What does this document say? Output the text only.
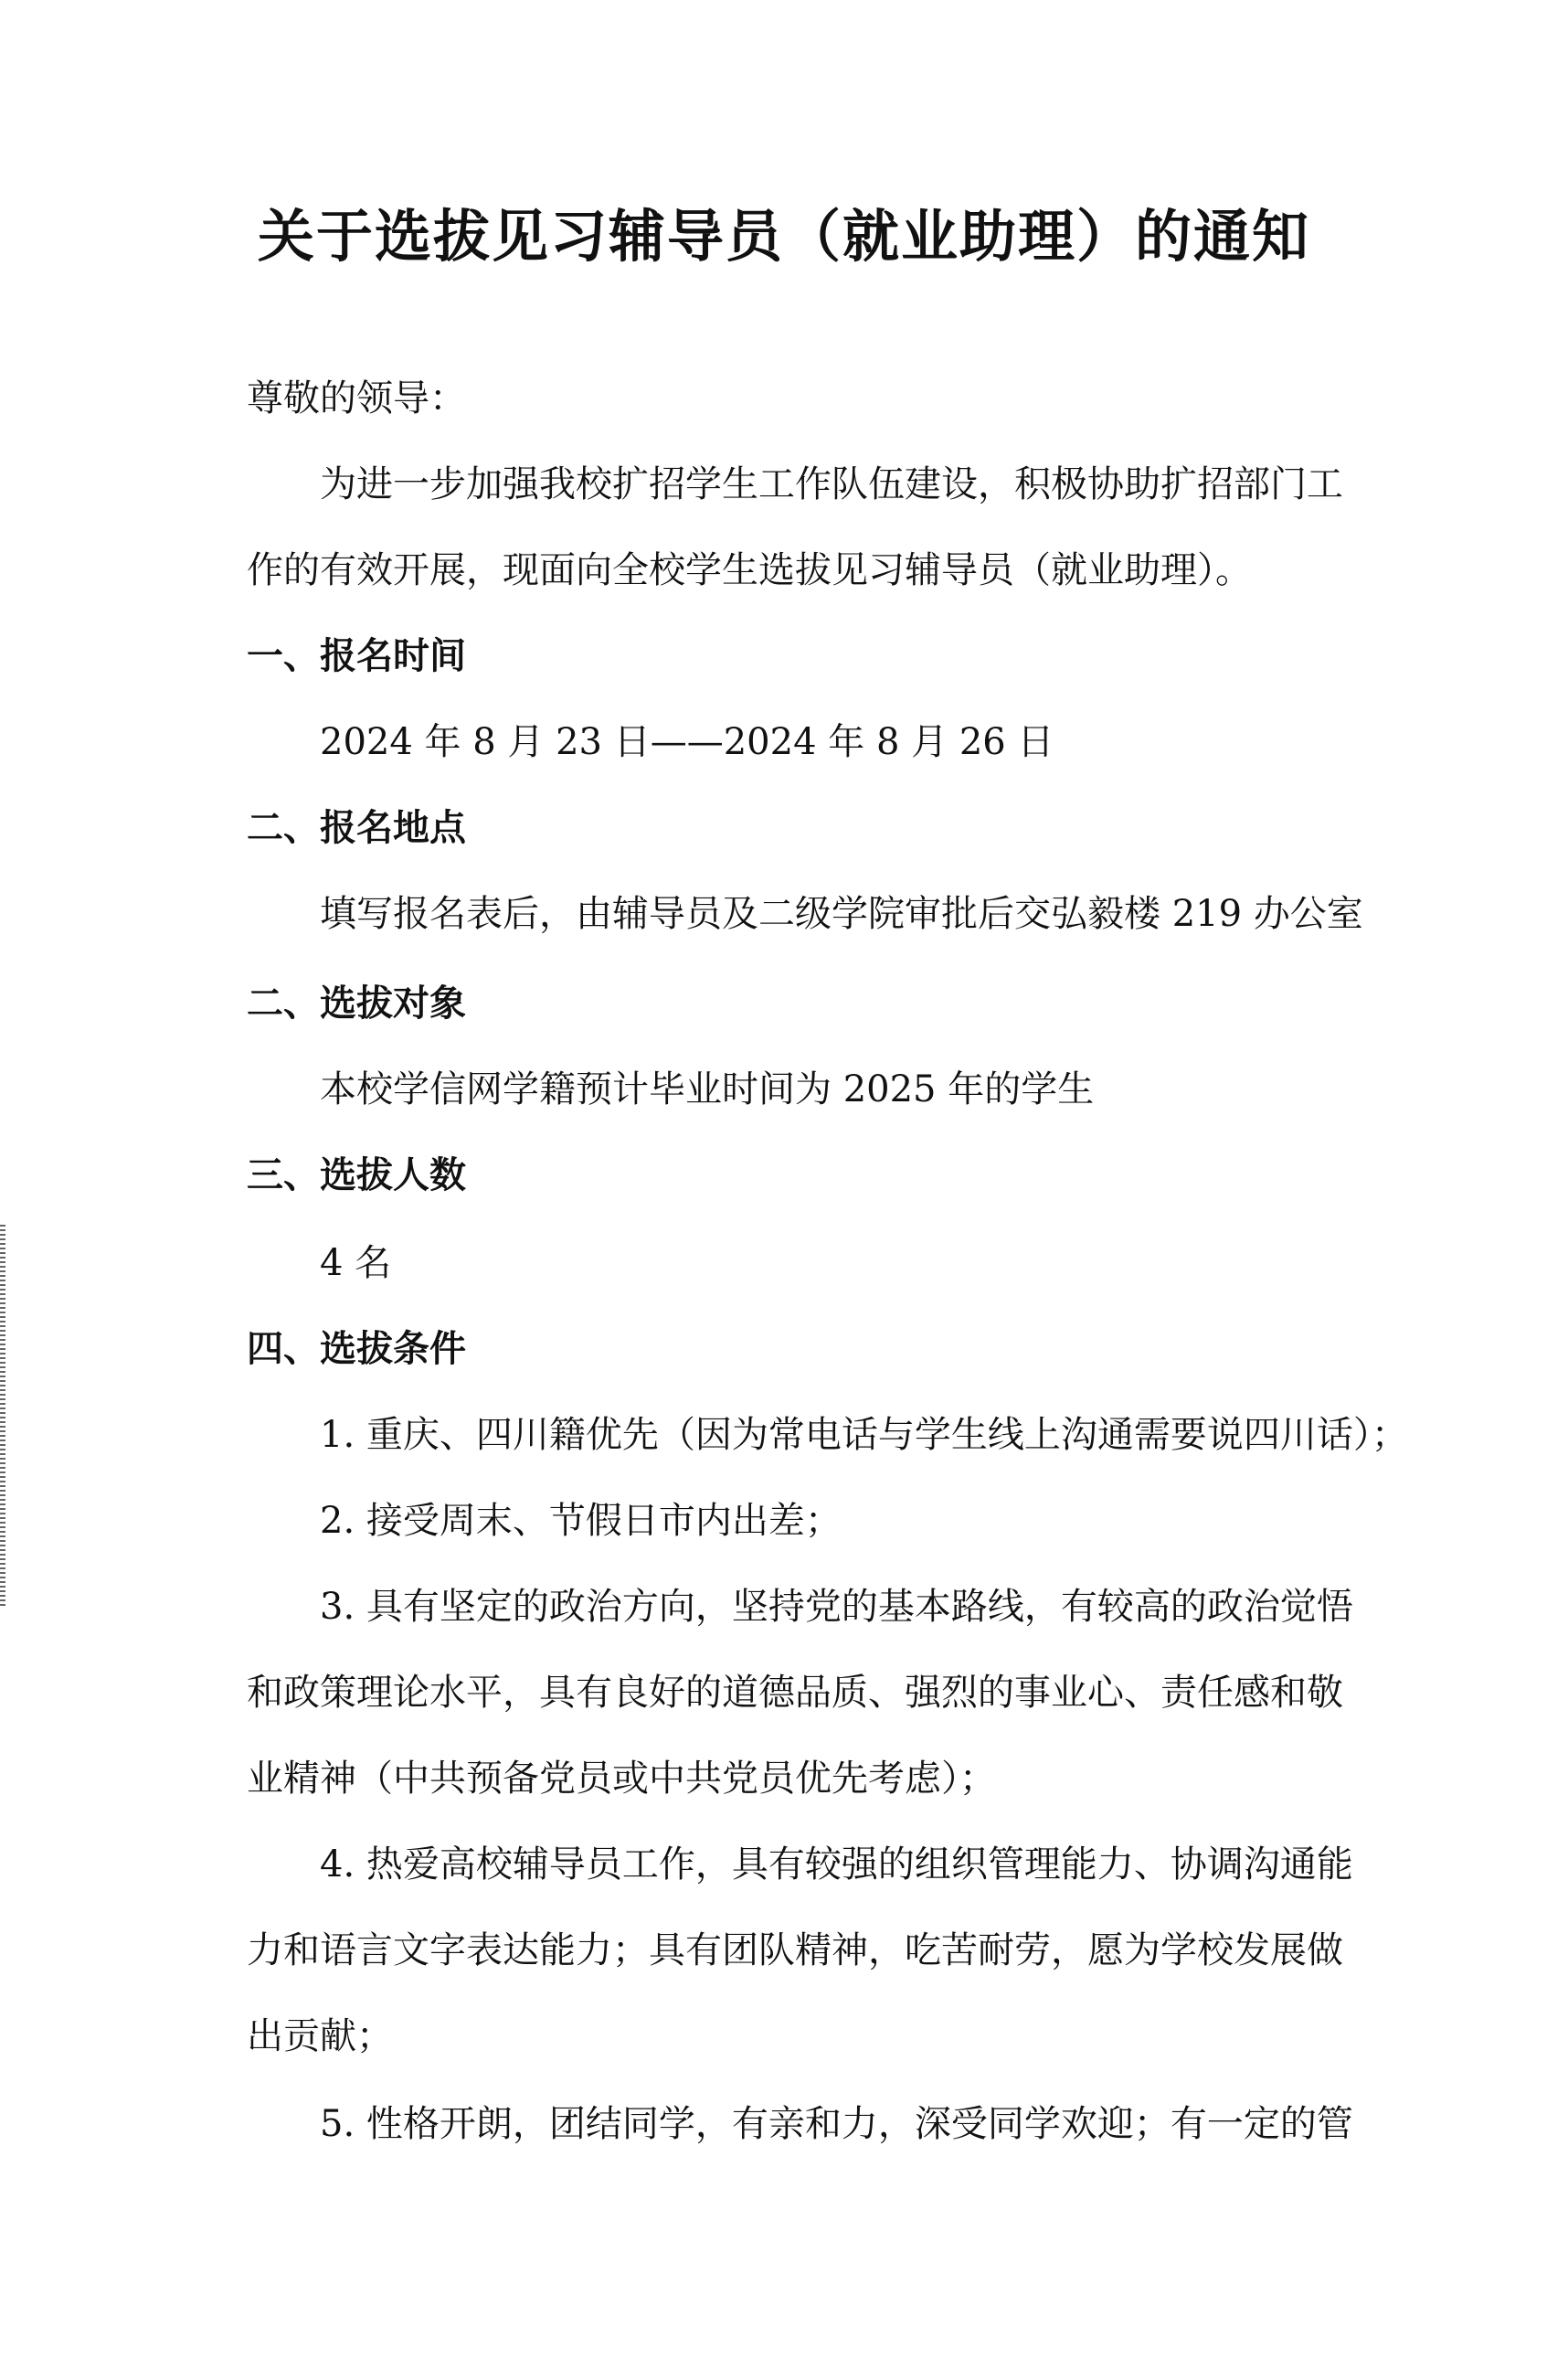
关于选拔见习辅导员（就业助理）的通知
尊敬的领导：
为进一步加强我校扩招学生工作队伍建设，积极协助扩招部门工
作的有效开展，现面向全校学生选拔见习辅导员（就业助理）。
一、报名时间
2024 年 8 月 23 日——2024 年 8 月 26 日
二、报名地点
填写报名表后，由辅导员及二级学院审批后交弘毅楼 219 办公室
二、选拔对象
本校学信网学籍预计毕业时间为 2025 年的学生
三、选拔人数
4 名
四、选拔条件
1. 重庆、四川籍优先（因为常电话与学生线上沟通需要说四川话）；
2. 接受周末、节假日市内出差；
3. 具有坚定的政治方向，坚持党的基本路线，有较高的政治觉悟
和政策理论水平，具有良好的道德品质、强烈的事业心、责任感和敬
业精神（中共预备党员或中共党员优先考虑）；
4. 热爱高校辅导员工作，具有较强的组织管理能力、协调沟通能
力和语言文字表达能力；具有团队精神，吃苦耐劳，愿为学校发展做
出贡献；
5. 性格开朗，团结同学，有亲和力，深受同学欢迎；有一定的管
